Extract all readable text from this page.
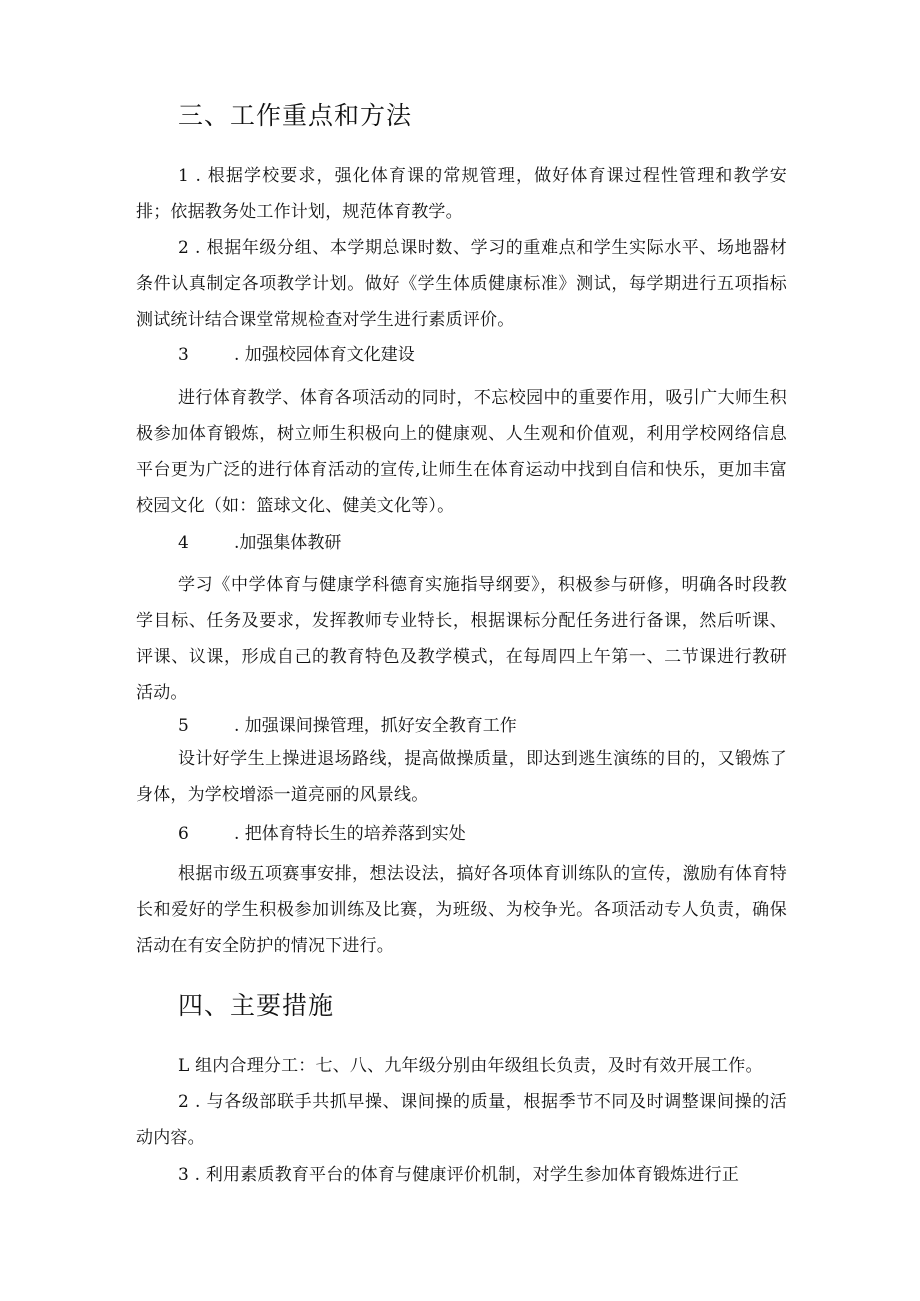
三、工作重点和方法

1 . 根据学校要求，强化体育课的常规管理，做好体育课过程性管理和教学安排；依据教务处工作计划，规范体育教学。

2 . 根据年级分组、本学期总课时数、学习的重难点和学生实际水平、场地器材条件认真制定各项教学计划。做好《学生体质健康标准》测试，每学期进行五项指标测试统计结合课堂常规检查对学生进行素质评价。

3	. 加强校园体育文化建设

进行体育教学、体育各项活动的同时，不忘校园中的重要作用，吸引广大师生积极参加体育锻炼，树立师生积极向上的健康观、人生观和价值观，利用学校网络信息平台更为广泛的进行体育活动的宣传,让师生在体育运动中找到自信和快乐，更加丰富校园文化（如：篮球文化、健美文化等）。

4	.加强集体教研

学习《中学体育与健康学科德育实施指导纲要》，积极参与研修，明确各时段教学目标、任务及要求，发挥教师专业特长，根据课标分配任务进行备课，然后听课、评课、议课，形成自己的教育特色及教学模式，在每周四上午第一、二节课进行教研活动。

5	. 加强课间操管理，抓好安全教育工作

设计好学生上操进退场路线，提高做操质量，即达到逃生演练的目的，又锻炼了身体，为学校增添一道亮丽的风景线。

6	. 把体育特长生的培养落到实处

根据市级五项赛事安排，想法设法，搞好各项体育训练队的宣传，激励有体育特长和爱好的学生积极参加训练及比赛，为班级、为校争光。各项活动专人负责，确保活动在有安全防护的情况下进行。

四、主要措施

L 组内合理分工：七、八、九年级分别由年级组长负责，及时有效开展工作。

2 . 与各级部联手共抓早操、课间操的质量，根据季节不同及时调整课间操的活动内容。

3 . 利用素质教育平台的体育与健康评价机制，对学生参加体育锻炼进行正
